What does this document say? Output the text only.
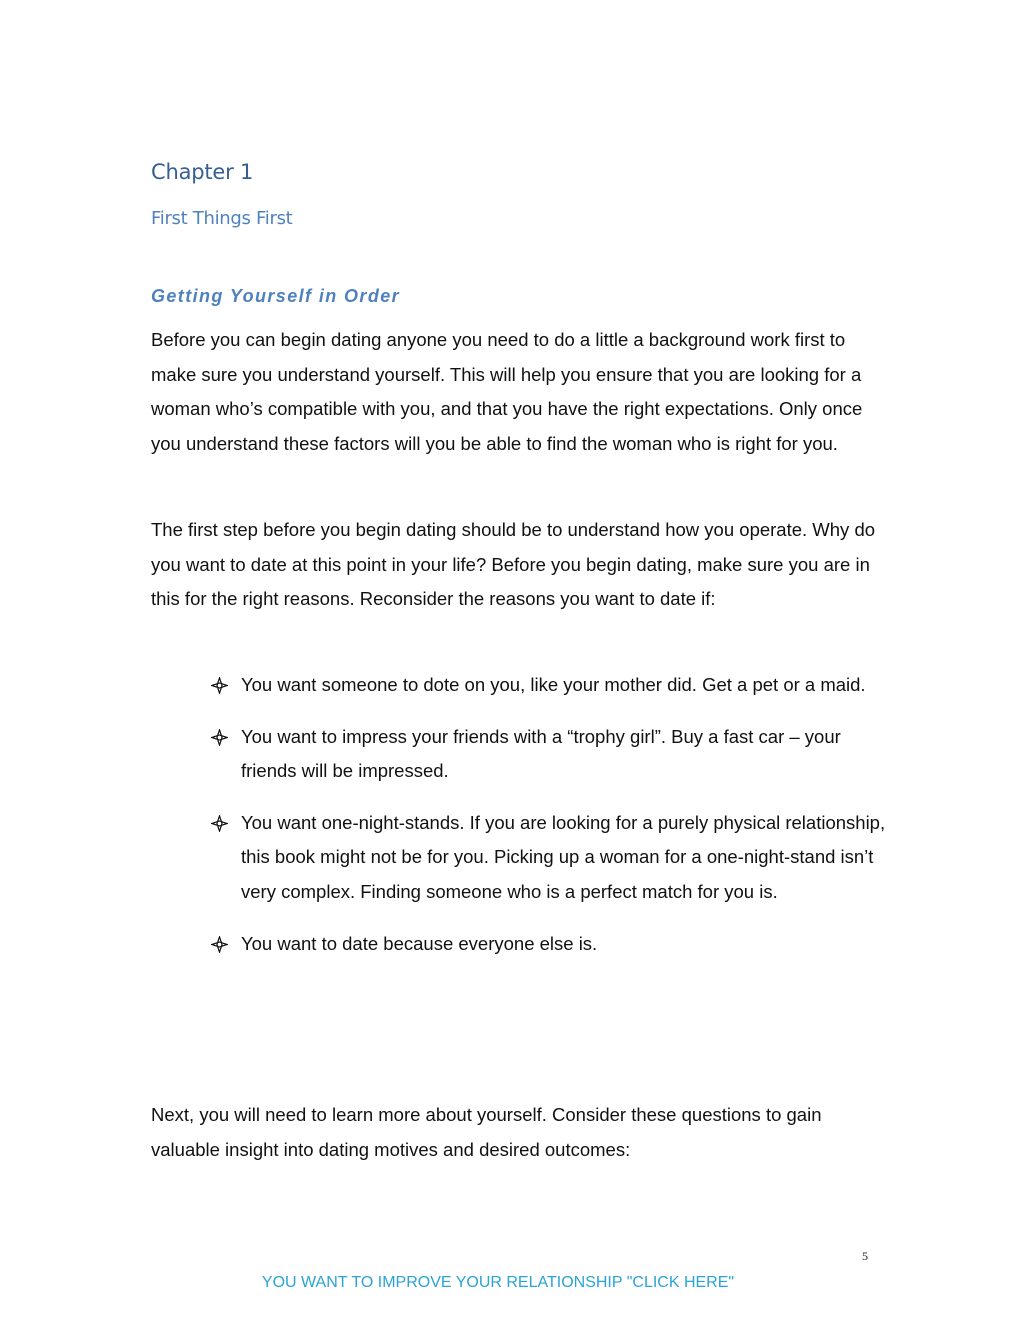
Chapter 1
First Things First
Getting Yourself in Order

Before you can begin dating anyone you need to do a little a background work first to make sure you understand yourself. This will help you ensure that you are looking for a woman who’s compatible with you, and that you have the right expectations. Only once you understand these factors will you be able to find the woman who is right for you.

The first step before you begin dating should be to understand how you operate. Why do you want to date at this point in your life? Before you begin dating, make sure you are in this for the right reasons. Reconsider the reasons you want to date if:

You want someone to dote on you, like your mother did. Get a pet or a maid.
You want to impress your friends with a “trophy girl”. Buy a fast car – your friends will be impressed.
You want one-night-stands. If you are looking for a purely physical relationship, this book might not be for you. Picking up a woman for a one-night-stand isn’t very complex. Finding someone who is a perfect match for you is.
You want to date because everyone else is.

Next, you will need to learn more about yourself. Consider these questions to gain valuable insight into dating motives and desired outcomes:

5
YOU WANT TO IMPROVE YOUR RELATIONSHIP "CLICK HERE"
